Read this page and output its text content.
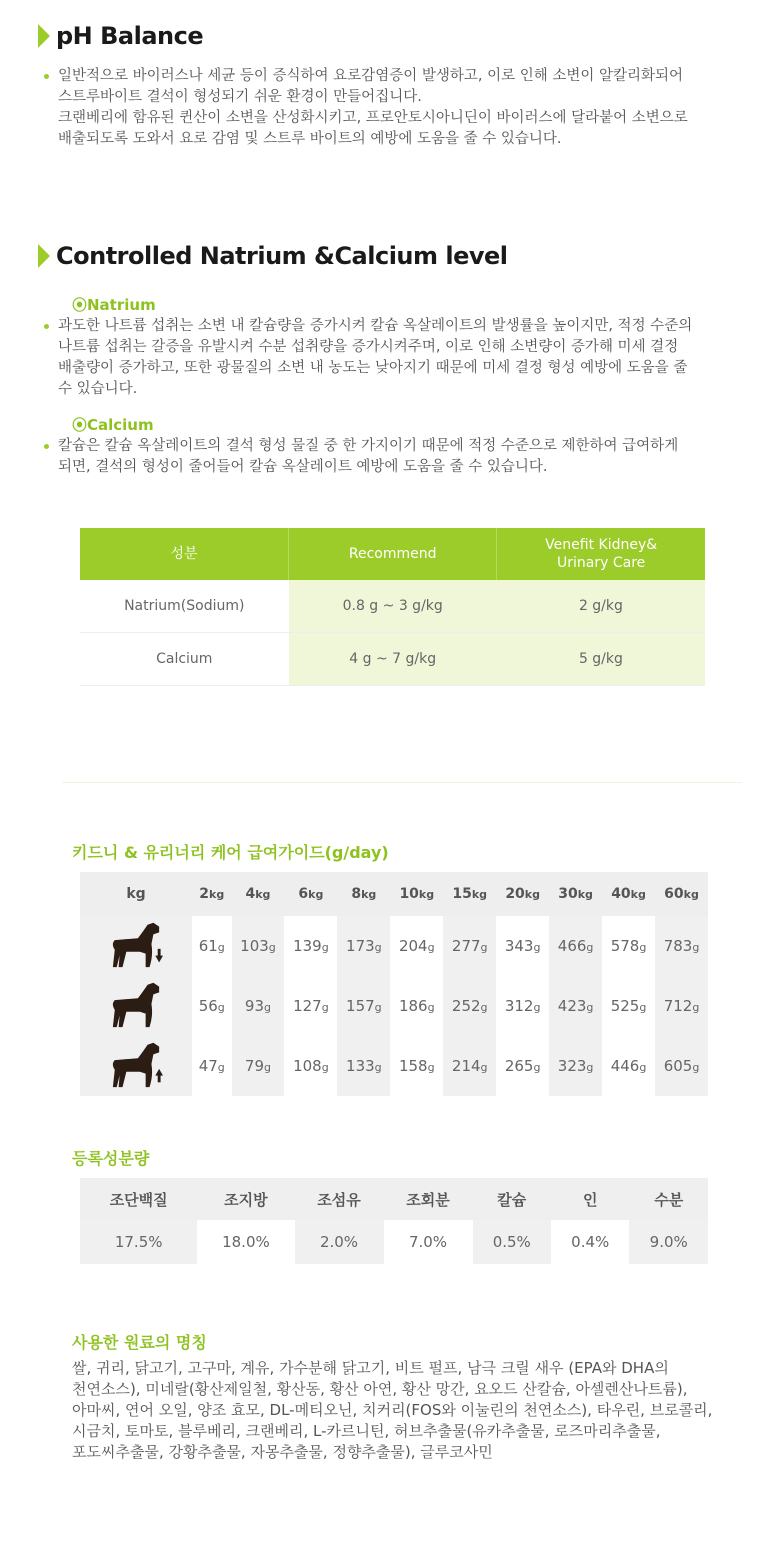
pH Balance
일반적으로 바이러스나 세균 등이 증식하여 요로감염증이 발생하고, 이로 인해 소변이 알칼리화되어
스트루바이트 결석이 형성되기 쉬운 환경이 만들어집니다.
크랜베리에 함유된 퀸산이 소변을 산성화시키고, 프로안토시아니딘이 바이러스에 달라붙어 소변으로
배출되도록 도와서 요로 감염 및 스트루 바이트의 예방에 도움을 줄 수 있습니다.
Controlled Natrium &Calcium level
⦿Natrium
과도한 나트륨 섭취는 소변 내 칼슘량을 증가시켜 칼슘 옥살레이트의 발생률을 높이지만, 적정 수준의
나트륨 섭취는 갈증을 유발시켜 수분 섭취량을 증가시켜주며, 이로 인해 소변량이 증가해 미세 결정
배출량이 증가하고, 또한 광물질의 소변 내 농도는 낮아지기 때문에 미세 결정 형성 예방에 도움을 줄
수 있습니다.
⦿Calcium
칼슘은 칼슘 옥살레이트의 결석 형성 물질 중 한 가지이기 때문에 적정 수준으로 제한하여 급여하게
되면, 결석의 형성이 줄어들어 칼슘 옥살레이트 예방에 도움을 줄 수 있습니다.
성분	Recommend	Venefit Kidney&
Urinary Care

Natrium(Sodium)	0.8 g ~ 3 g/kg	2 g/kg
Calcium	4 g ~ 7 g/kg	5 g/kg
키드니 & 유리너리 케어 급여가이드(g/day)
kg	2kg	4kg	6kg	8kg	10kg	15kg	20kg	30kg	40kg	60kg
	61g	103g	139g	173g	204g	277g	343g	466g	578g	783g
	56g	93g	127g	157g	186g	252g	312g	423g	525g	712g
	47g	79g	108g	133g	158g	214g	265g	323g	446g	605g
등록성분량
조단백질	조지방	조섬유	조회분	칼슘	인	수분
17.5%	18.0%	2.0%	7.0%	0.5%	0.4%	9.0%
사용한 원료의 명칭
쌀, 귀리, 닭고기, 고구마, 계유, 가수분해 닭고기, 비트 펄프, 남극 크릴 새우 (EPA와 DHA의
천연소스), 미네랄(황산제일철, 황산동, 황산 아연, 황산 망간, 요오드 산칼슘, 아셀렌산나트륨),
아마씨, 연어 오일, 양조 효모, DL-메티오닌, 치커리(FOS와 이눌린의 천연소스), 타우린, 브로콜리,
시금치, 토마토, 블루베리, 크랜베리, L-카르니틴, 허브추출물(유카추출물, 로즈마리추출물,
포도씨추출물, 강황추출물, 자몽추출물, 정향추출물), 글루코사민
